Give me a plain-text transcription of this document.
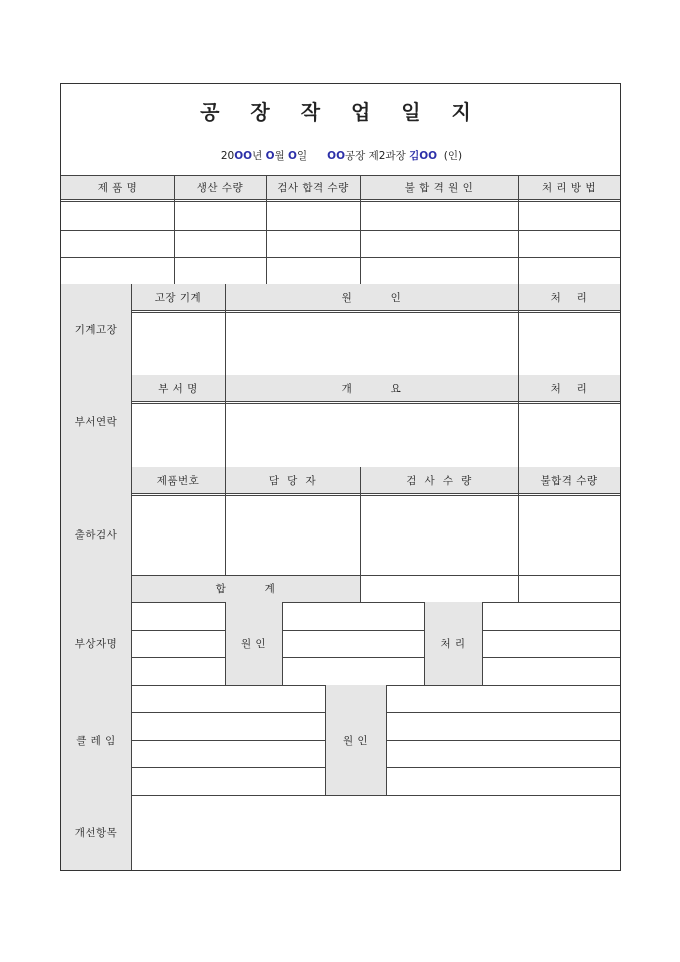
공 장 작 업 일 지
20OO년 O월 O일 OO공장 제2과장 김OO (인)
제 품 명	생산 수량	검사 합격 수량	불 합 격 원 인	처 리 방 법
기계고장
고장 기계	원          인	처    리
부서연락
부 서 명	개          요	처    리
출하검사
제품번호	담  당  자	검  사  수  량	불합격 수량
합          계
부상자명	원 인	처 리
클 레 임	원 인
개선항목
